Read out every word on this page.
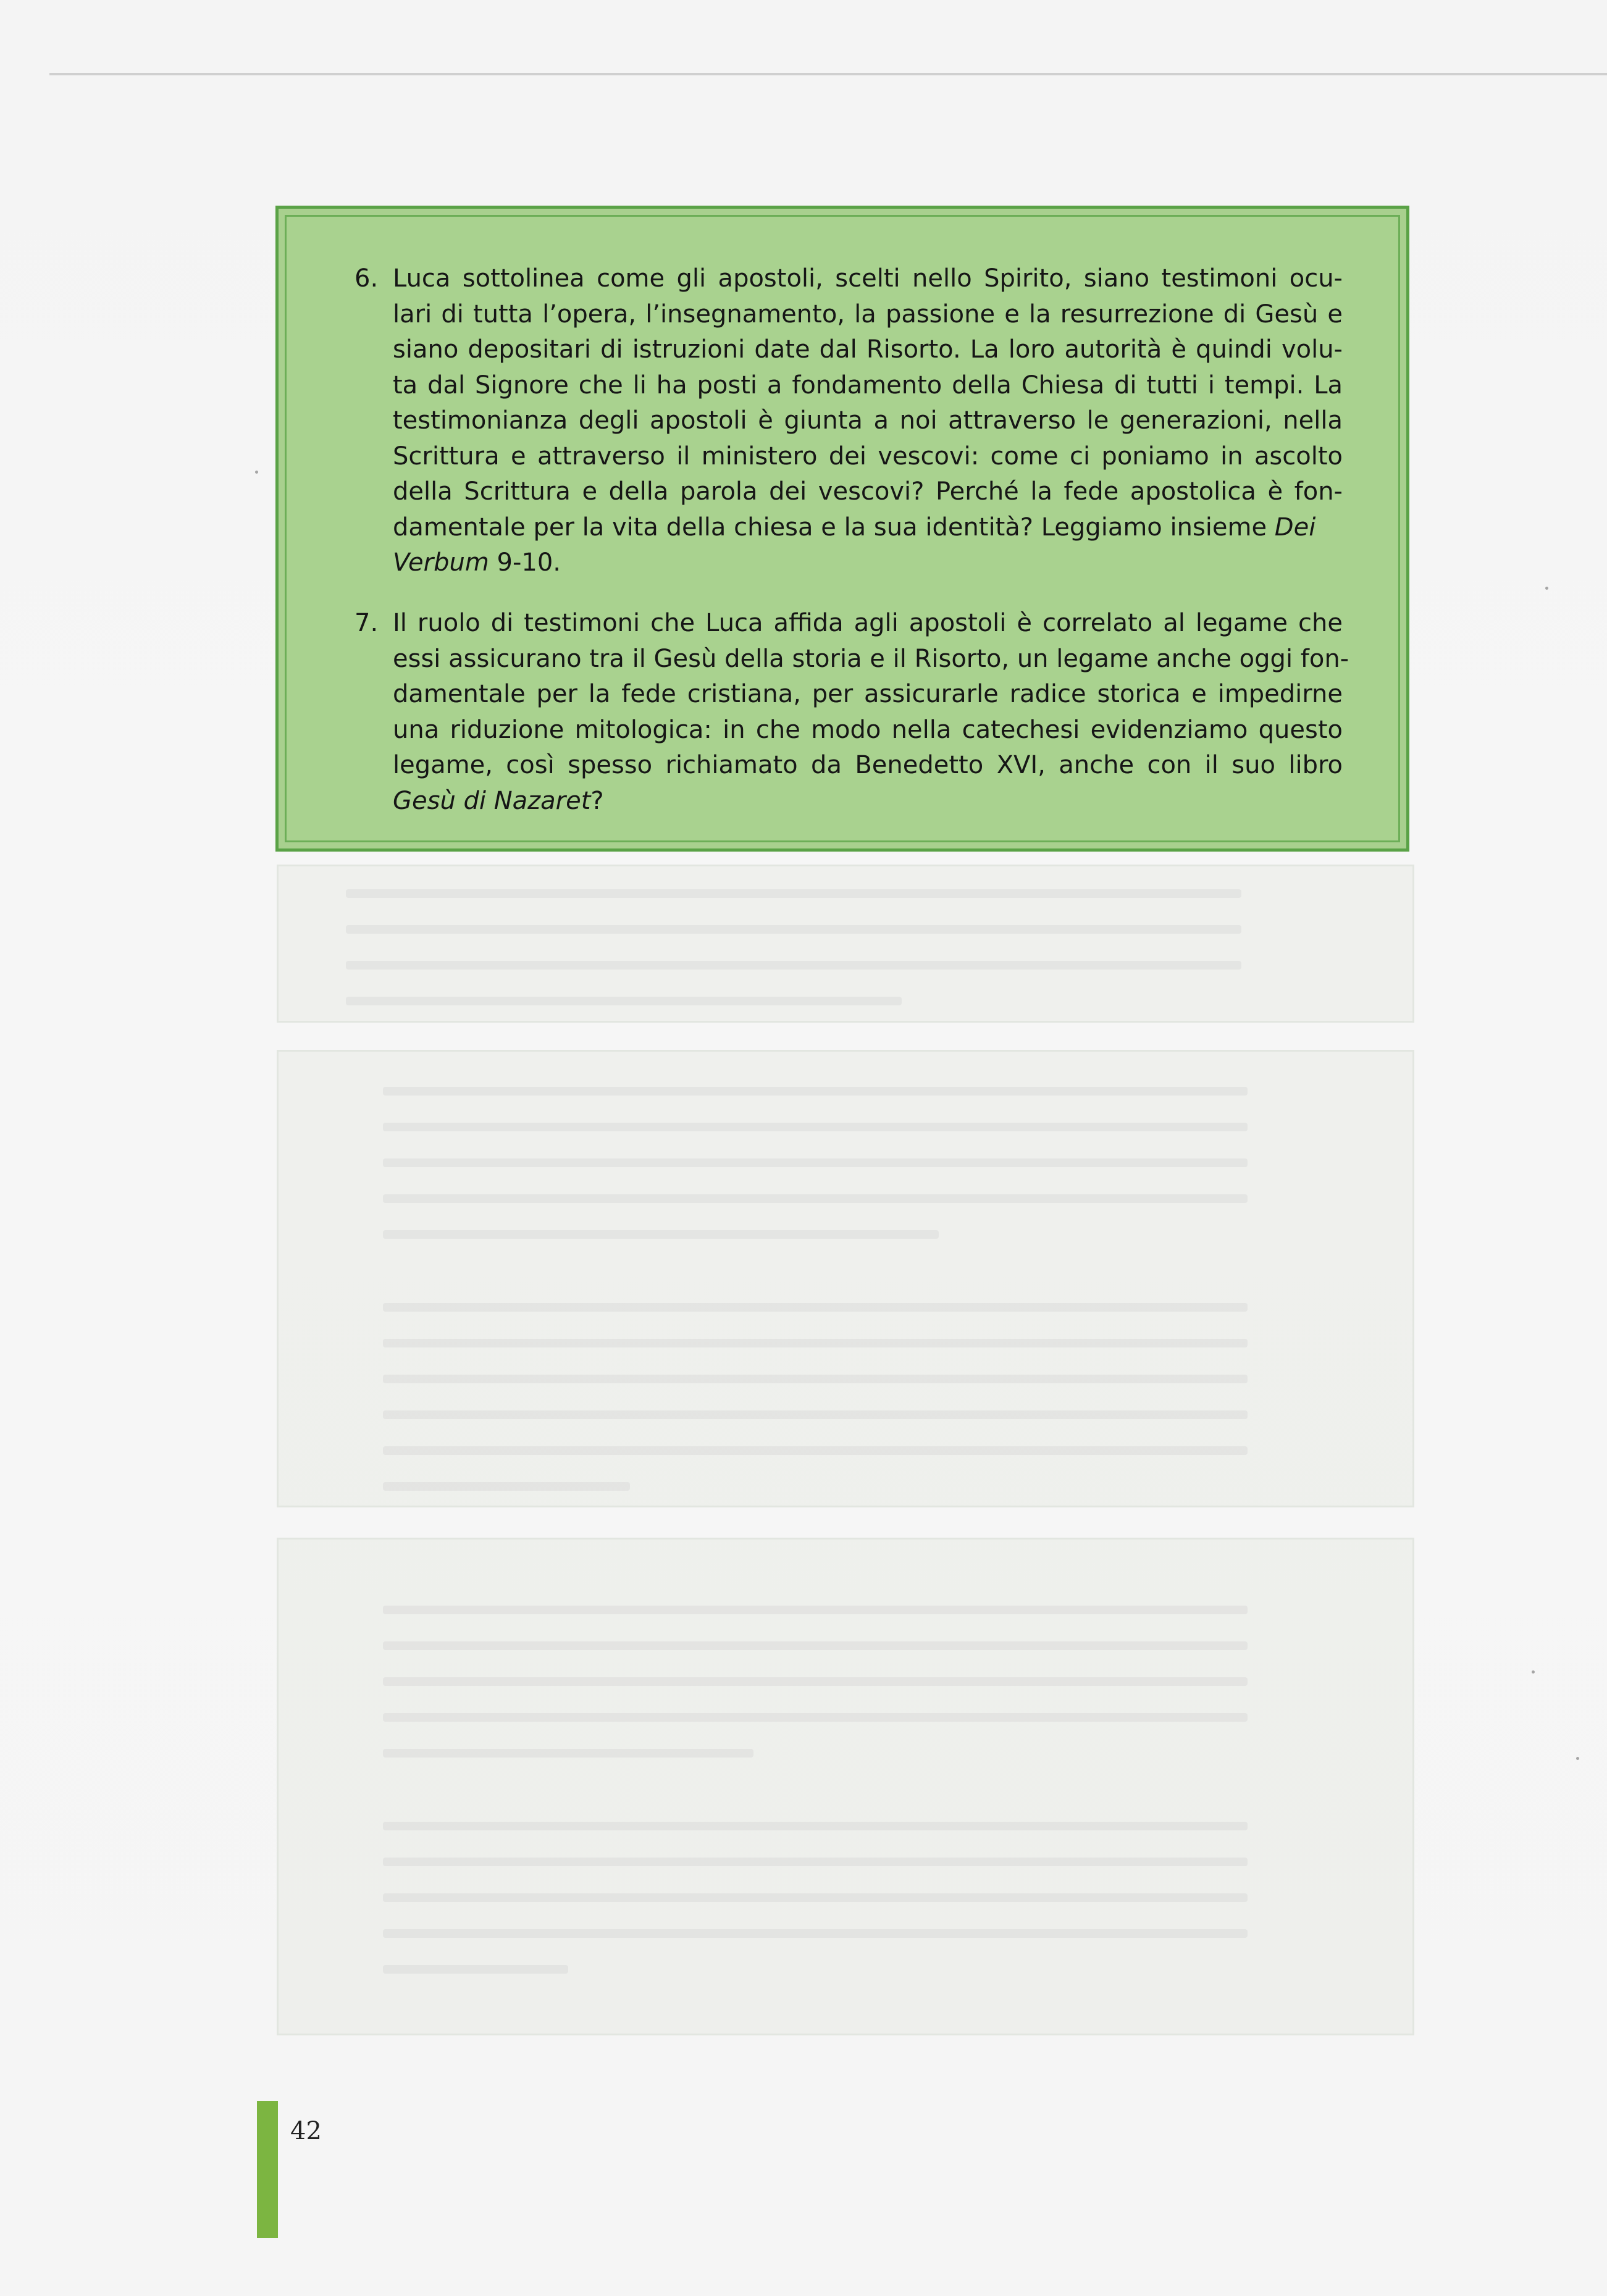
6. Luca sottolinea come gli apostoli, scelti nello Spirito, siano testimoni ocu-
lari di tutta l’opera, l’insegnamento, la passione e la resurrezione di Gesù e
siano depositari di istruzioni date dal Risorto. La loro autorità è quindi volu-
ta dal Signore che li ha posti a fondamento della Chiesa di tutti i tempi. La
testimonianza degli apostoli è giunta a noi attraverso le generazioni, nella
Scrittura e attraverso il ministero dei vescovi: come ci poniamo in ascolto
della Scrittura e della parola dei vescovi? Perché la fede apostolica è fon-
damentale per la vita della chiesa e la sua identità? Leggiamo insieme Dei
Verbum 9-10.
7. Il ruolo di testimoni che Luca affida agli apostoli è correlato al legame che
essi assicurano tra il Gesù della storia e il Risorto, un legame anche oggi fon-
damentale per la fede cristiana, per assicurarle radice storica e impedirne
una riduzione mitologica: in che modo nella catechesi evidenziamo questo
legame, così spesso richiamato da Benedetto XVI, anche con il suo libro
Gesù di Nazaret?
42
